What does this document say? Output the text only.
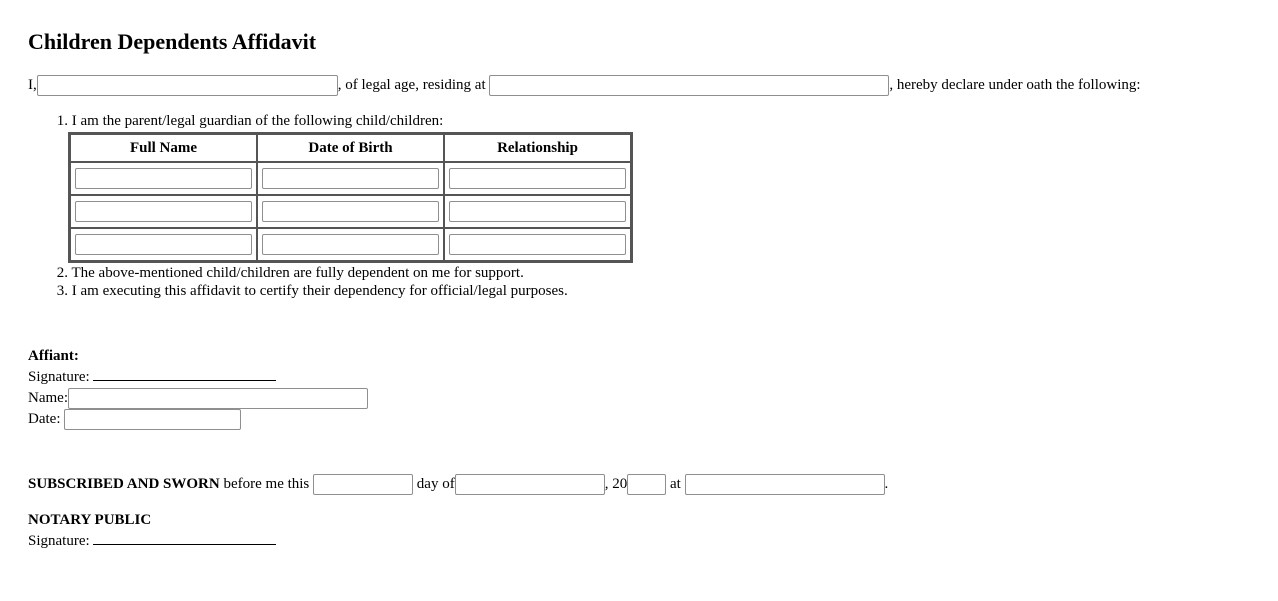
Children Dependents Affidavit
I,	, of legal age, residing at	, hereby declare under oath the following:
1. I am the parent/legal guardian of the following child/children:
Full Name	Date of Birth	Relationship

2. The above-mentioned child/children are fully dependent on me for support.
3. I am executing this affidavit to certify their dependency for official/legal purposes.
Affiant:
Signature:
Name:
Date:
SUBSCRIBED AND SWORN before me this	day of	, 20	at	.
NOTARY PUBLIC
Signature:
